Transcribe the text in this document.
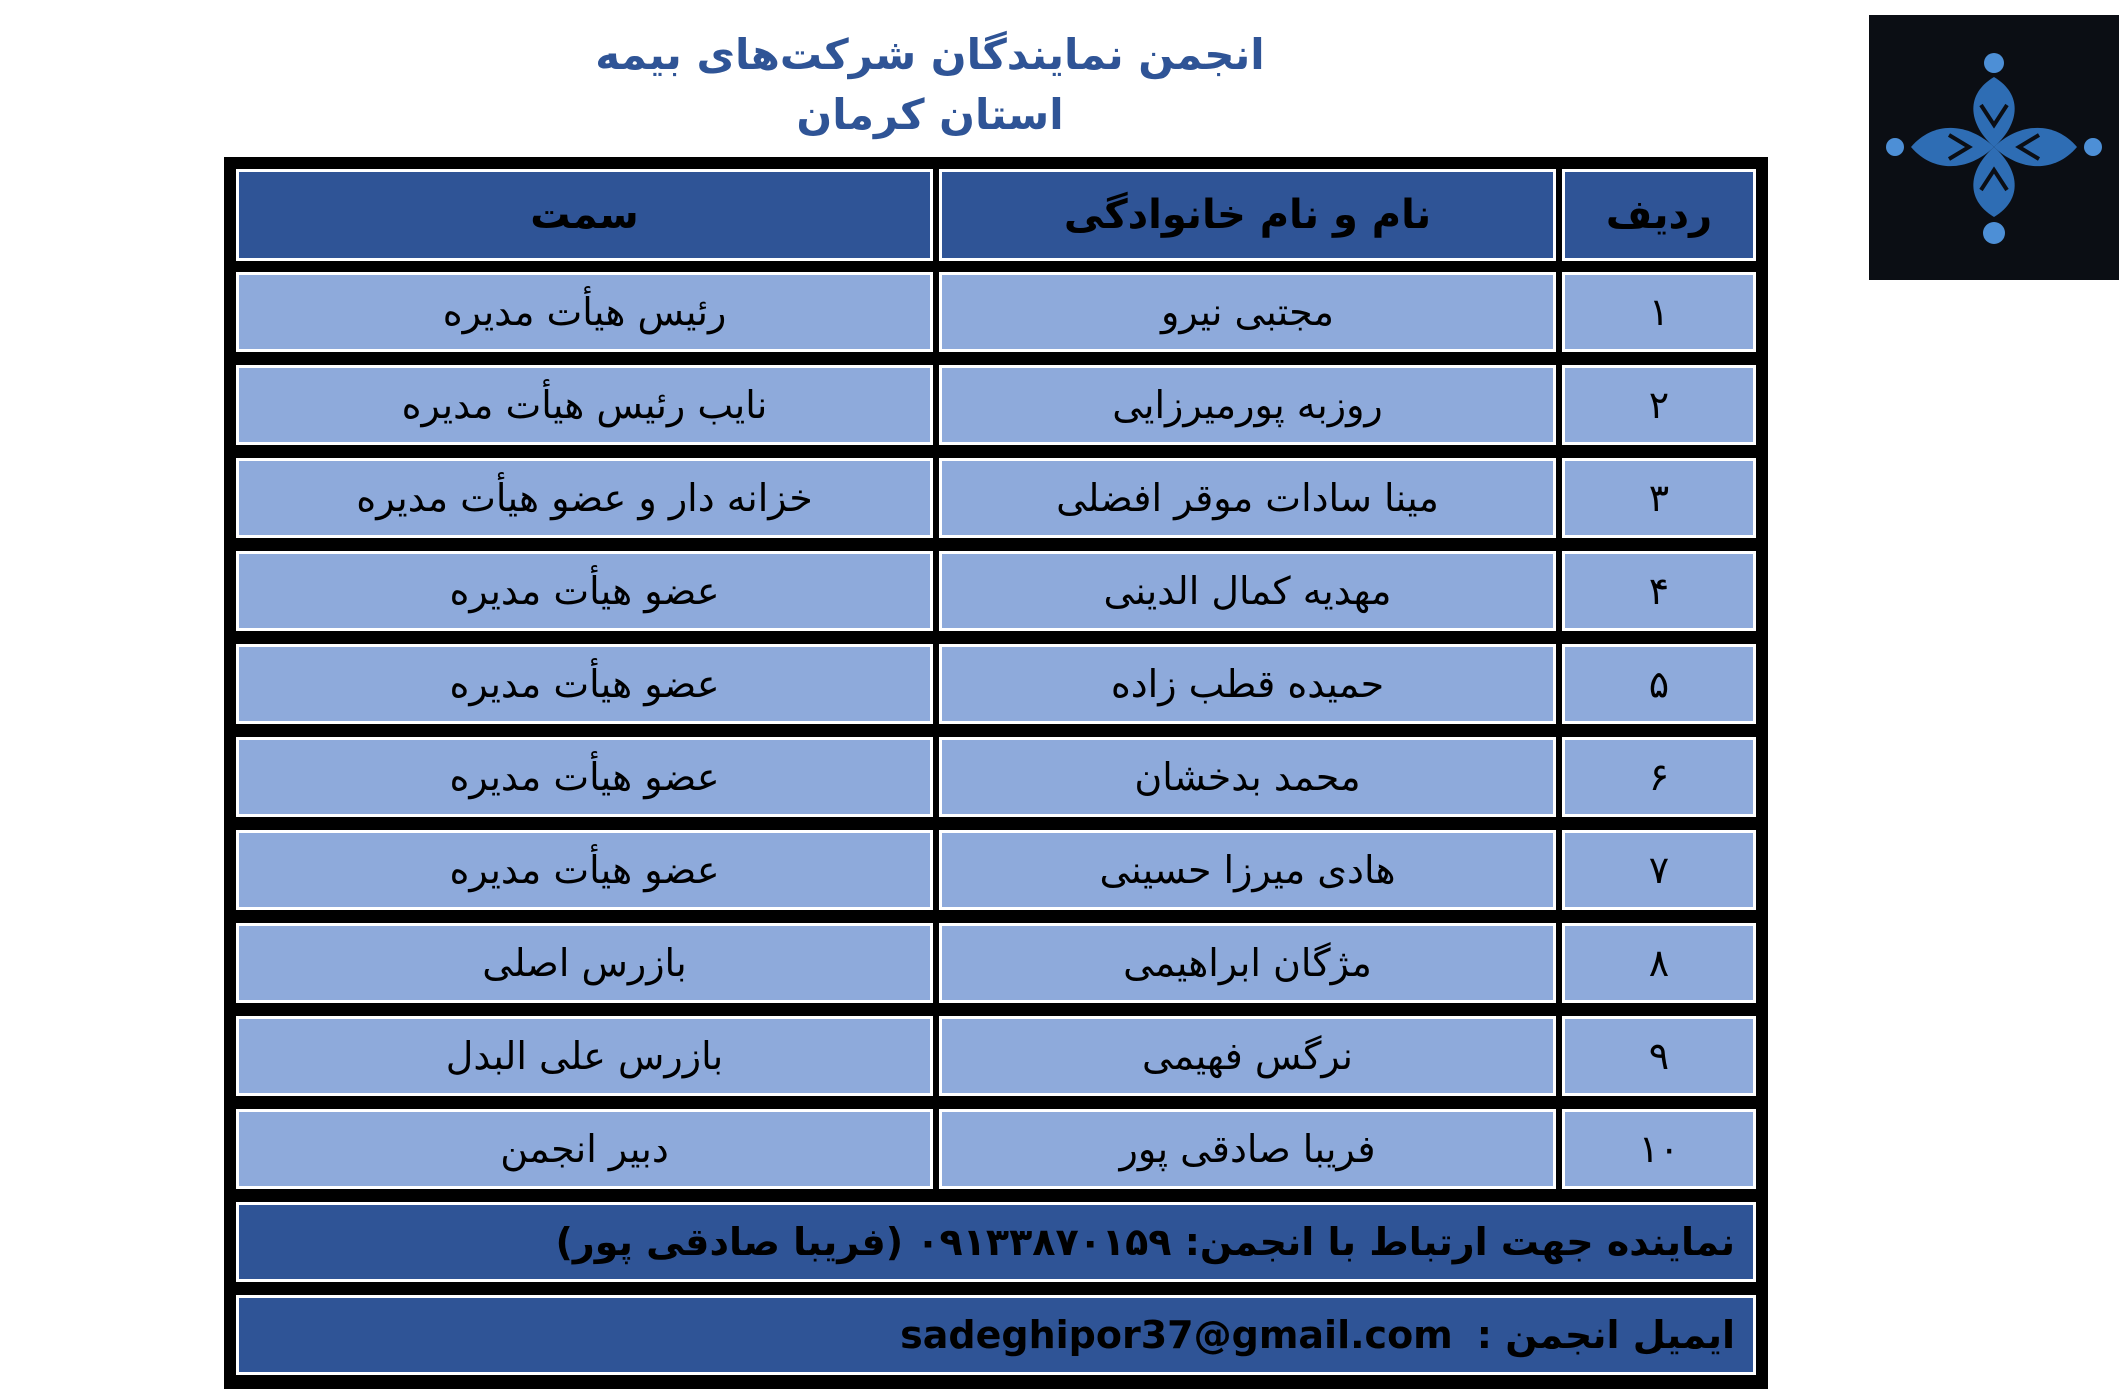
انجمن نمایندگان شرکت‌های بیمه استان کرمان
سمت	نام و نام خانوادگی	ردیف
رئیس هیأت مدیره	مجتبی نیرو	۱
نایب رئیس هیأت مدیره	روزبه پورمیرزایی	۲
خزانه دار و عضو هیأت مدیره	مینا سادات موقر افضلی	۳
عضو هیأت مدیره	مهدیه کمال الدینی	۴
عضو هیأت مدیره	حمیده قطب زاده	۵
عضو هیأت مدیره	محمد بدخشان	۶
عضو هیأت مدیره	هادی میرزا حسینی	۷
بازرس اصلی	مژگان ابراهیمی	۸
بازرس علی البدل	نرگس فهیمی	۹
دبیر انجمن	فریبا صادقی پور	۱۰
نماینده جهت ارتباط با انجمن: ۰۹۱۳۳۸۷۰۱۵۹ (فریبا صادقی پور)
ایمیل انجمن :
sadeghipor37@gmail.com
